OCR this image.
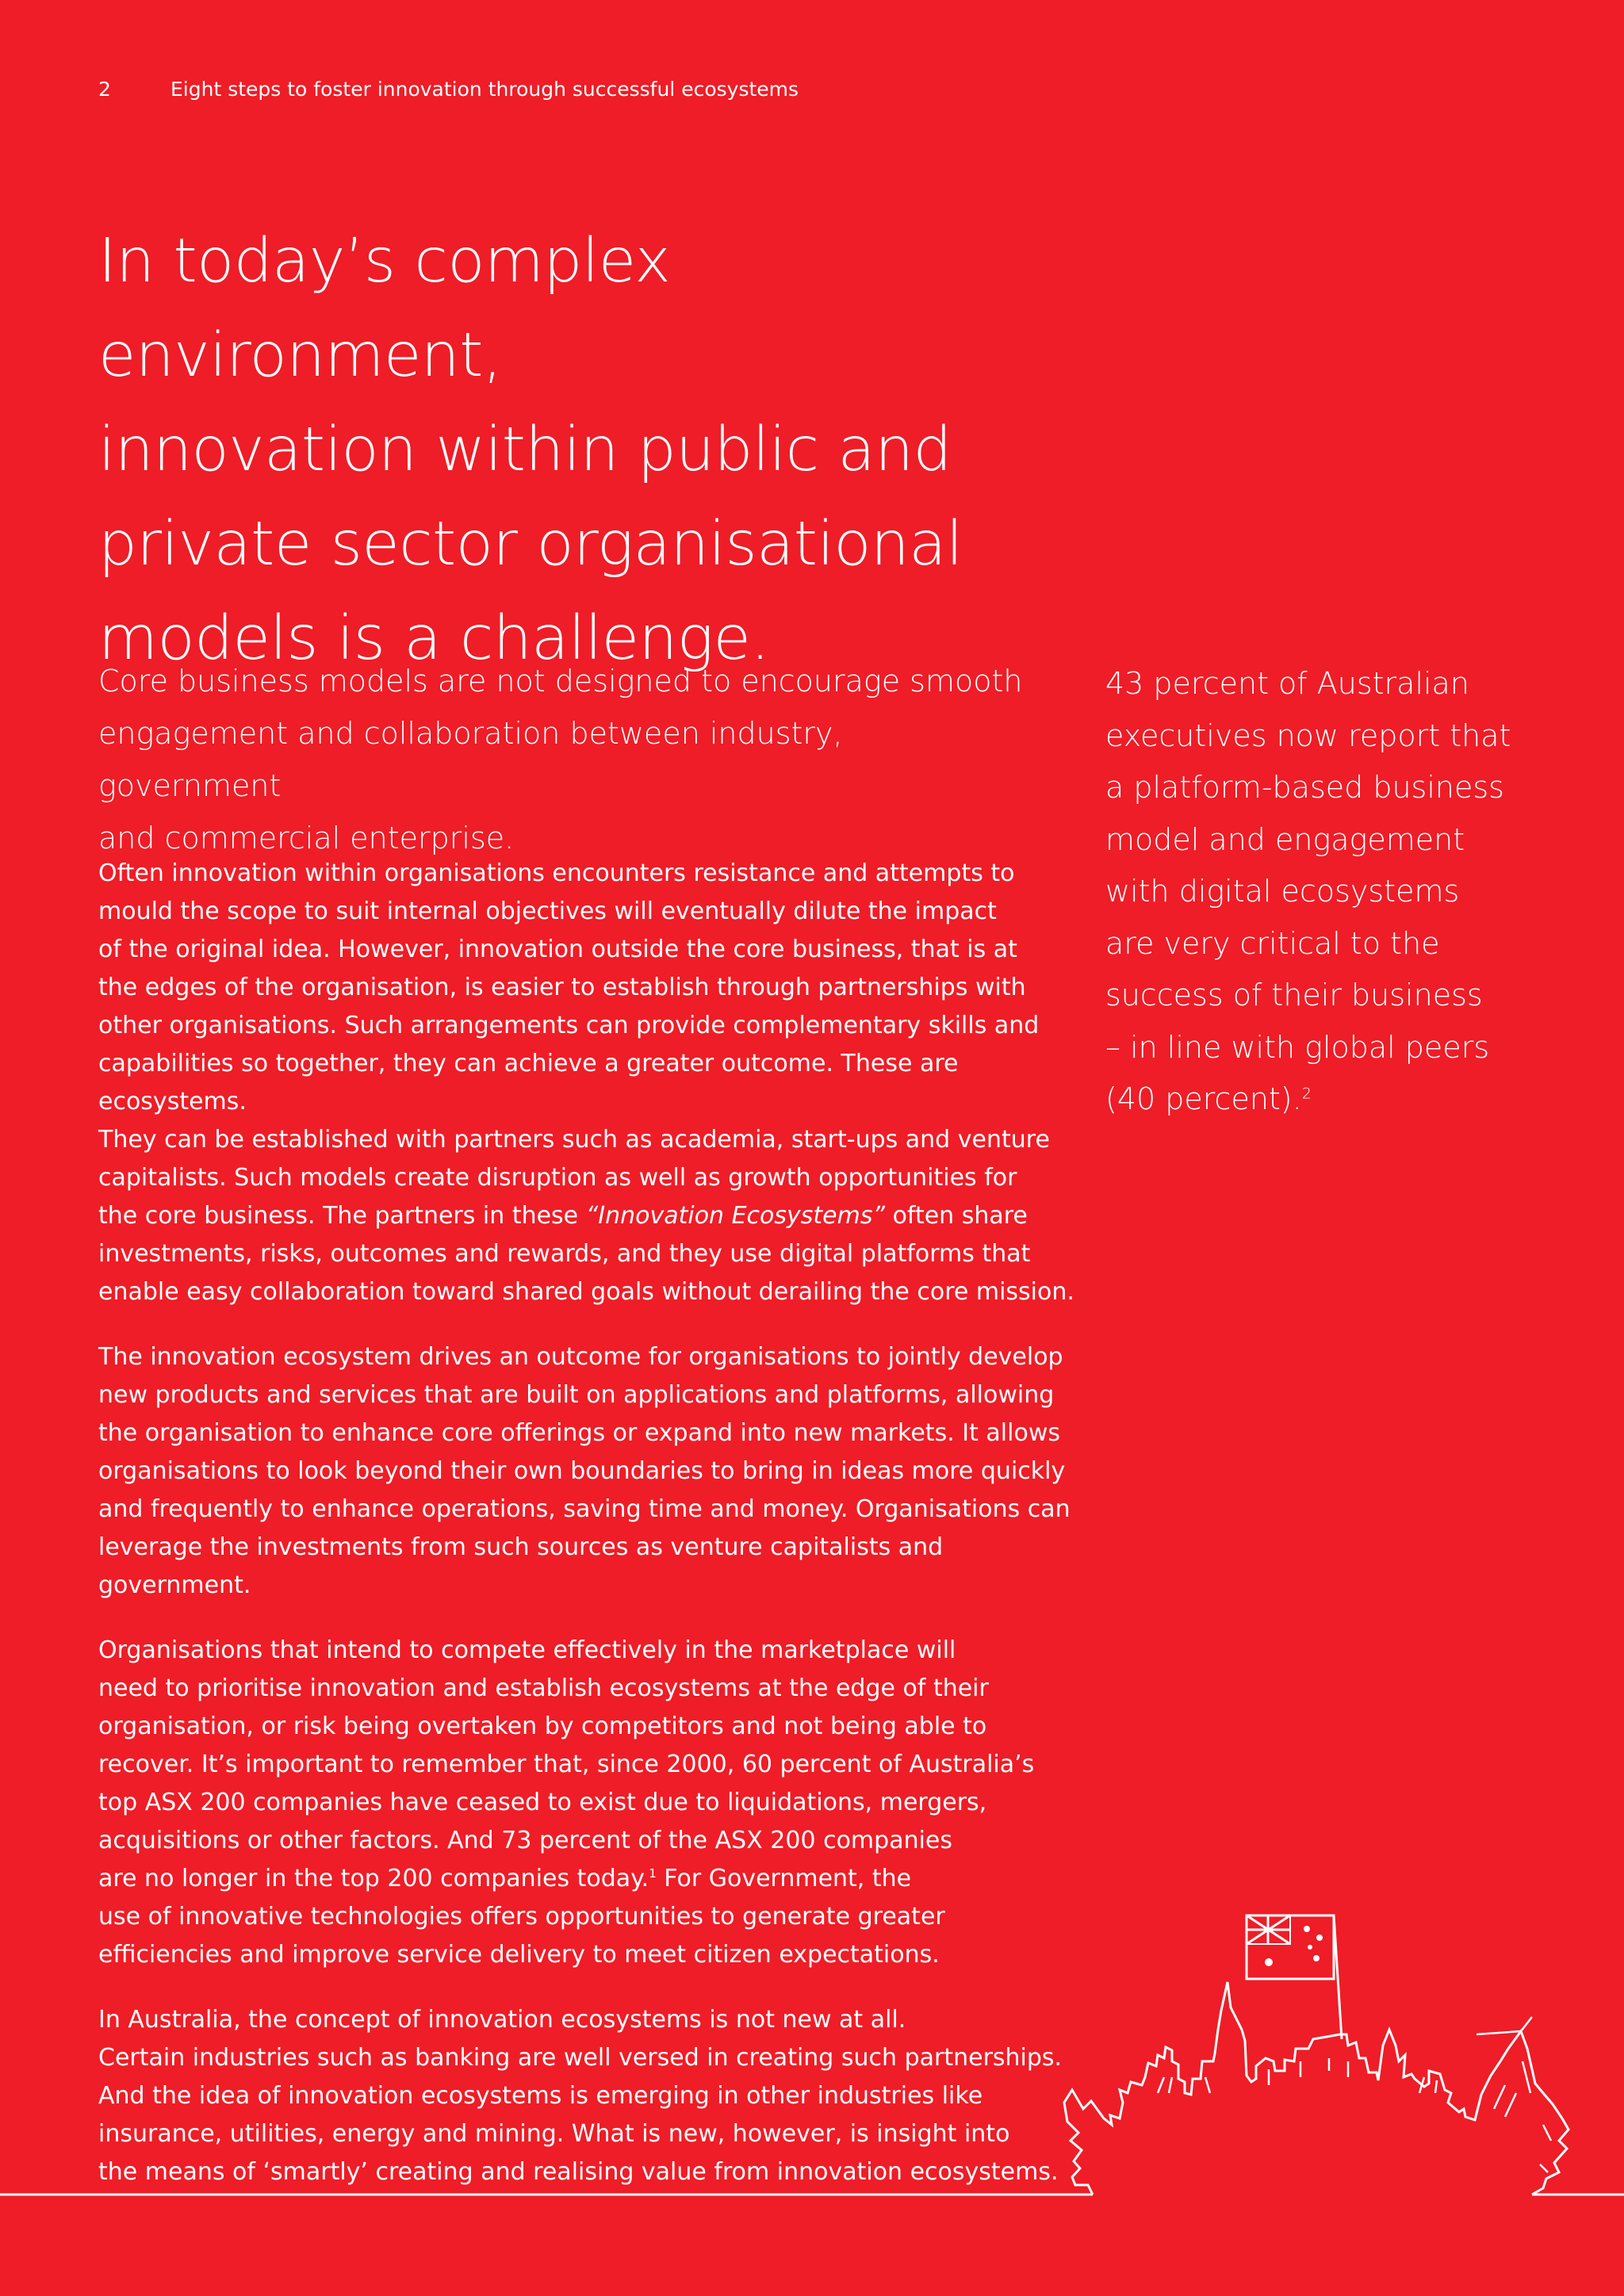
2	Eight steps to foster innovation through successful ecosystems
In today’s complex environment,
innovation within public and
private sector organisational
models is a challenge.

Core business models are not designed to encourage smooth
engagement and collaboration between industry, government
and commercial enterprise.

Often innovation within organisations encounters resistance and attempts to
mould the scope to suit internal objectives will eventually dilute the impact
of the original idea. However, innovation outside the core business, that is at
the edges of the organisation, is easier to establish through partnerships with
other organisations. Such arrangements can provide complementary skills and
capabilities so together, they can achieve a greater outcome. These are ecosystems.
They can be established with partners such as academia, start-ups and venture
capitalists. Such models create disruption as well as growth opportunities for
the core business. The partners in these “Innovation Ecosystems” often share
investments, risks, outcomes and rewards, and they use digital platforms that
enable easy collaboration toward shared goals without derailing the core mission.

The innovation ecosystem drives an outcome for organisations to jointly develop
new products and services that are built on applications and platforms, allowing
the organisation to enhance core offerings or expand into new markets. It allows
organisations to look beyond their own boundaries to bring in ideas more quickly
and frequently to enhance operations, saving time and money. Organisations can
leverage the investments from such sources as venture capitalists and government.

Organisations that intend to compete effectively in the marketplace will
need to prioritise innovation and establish ecosystems at the edge of their
organisation, or risk being overtaken by competitors and not being able to
recover. It’s important to remember that, since 2000, 60 percent of Australia’s
top ASX 200 companies have ceased to exist due to liquidations, mergers,
acquisitions or other factors. And 73 percent of the ASX 200 companies
are no longer in the top 200 companies today.$^1$ For Government, the
use of innovative technologies offers opportunities to generate greater
efficiencies and improve service delivery to meet citizen expectations.

In Australia, the concept of innovation ecosystems is not new at all.
Certain industries such as banking are well versed in creating such partnerships.
And the idea of innovation ecosystems is emerging in other industries like
insurance, utilities, energy and mining. What is new, however, is insight into
the means of ‘smartly’ creating and realising value from innovation ecosystems.

43 percent of Australian
executives now report that
a platform-based business
model and engagement
with digital ecosystems
are very critical to the
success of their business
– in line with global peers
(40 percent).$^2$
